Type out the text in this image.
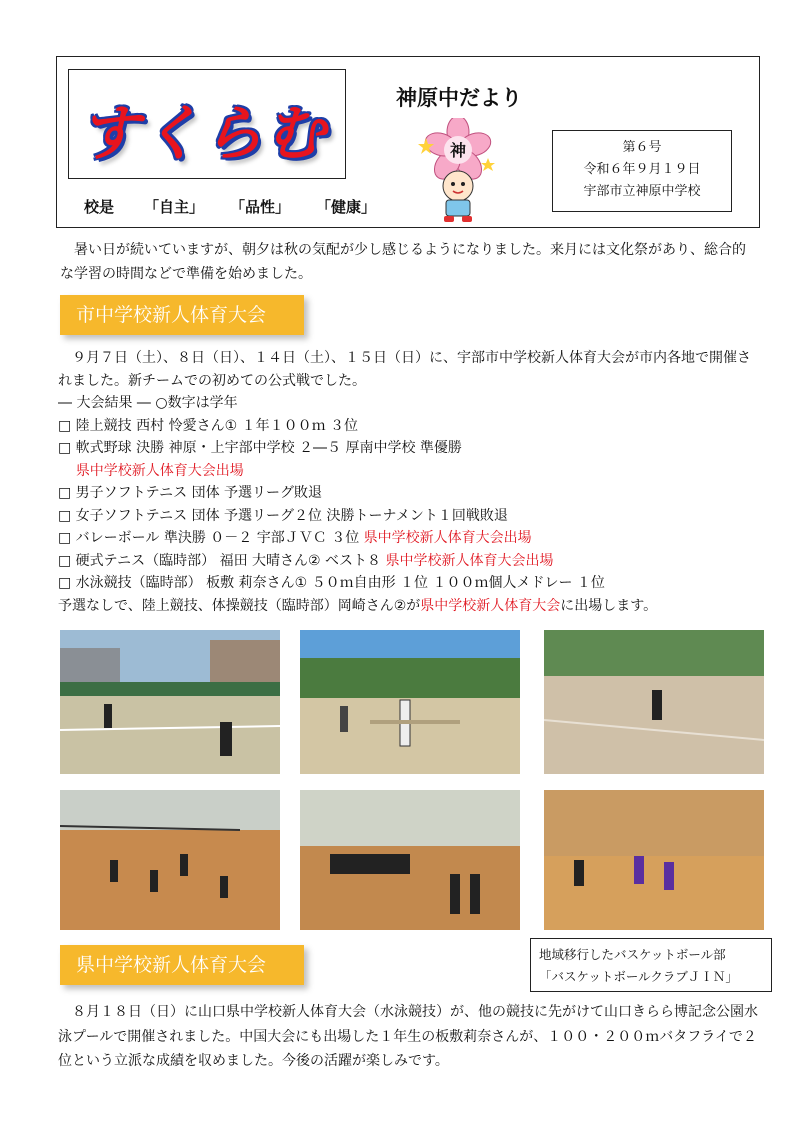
すくらむ
神原中だより
神	第６号
令和６年９月１９日
宇部市立神原中学校
校是 「自主」 「品性」 「健康」
暑い日が続いていますが、朝夕は秋の気配が少し感じるようになりました。来月には文化祭があり、総合的な学習の時間などで準備を始めました。
市中学校新人体育大会
９月７日（土）、８日（日）、１４日（土）、１５日（日）に、宇部市中学校新人体育大会が市内各地で開催されました。新チームでの初めての公式戦でした。
― 大会結果 ― ○数字は学年
□ 陸上競技 西村 怜愛さん① １年１００ｍ ３位
□ 軟式野球 決勝 神原・上宇部中学校 ２―５ 厚南中学校 準優勝
県中学校新人体育大会出場
□ 男子ソフトテニス 団体 予選リーグ敗退
□ 女子ソフトテニス 団体 予選リーグ２位 決勝トーナメント１回戦敗退
□ バレーボール 準決勝 ０－２ 宇部ＪＶＣ ３位 県中学校新人体育大会出場
□ 硬式テニス（臨時部） 福田 大晴さん② ベスト８ 県中学校新人体育大会出場
□ 水泳競技（臨時部） 板敷 莉奈さん① ５０ｍ自由形 １位 １００ｍ個人メドレー １位
予選なしで、陸上競技、体操競技（臨時部）岡崎さん②が県中学校新人体育大会に出場します。
地域移行したバスケットボール部
「バスケットボールクラブＪＩＮ」
県中学校新人体育大会
８月１８日（日）に山口県中学校新人体育大会（水泳競技）が、他の競技に先がけて山口きらら博記念公園水泳プールで開催されました。中国大会にも出場した１年生の板敷莉奈さんが、１００・２００ｍバタフライで２位という立派な成績を収めました。今後の活躍が楽しみです。
